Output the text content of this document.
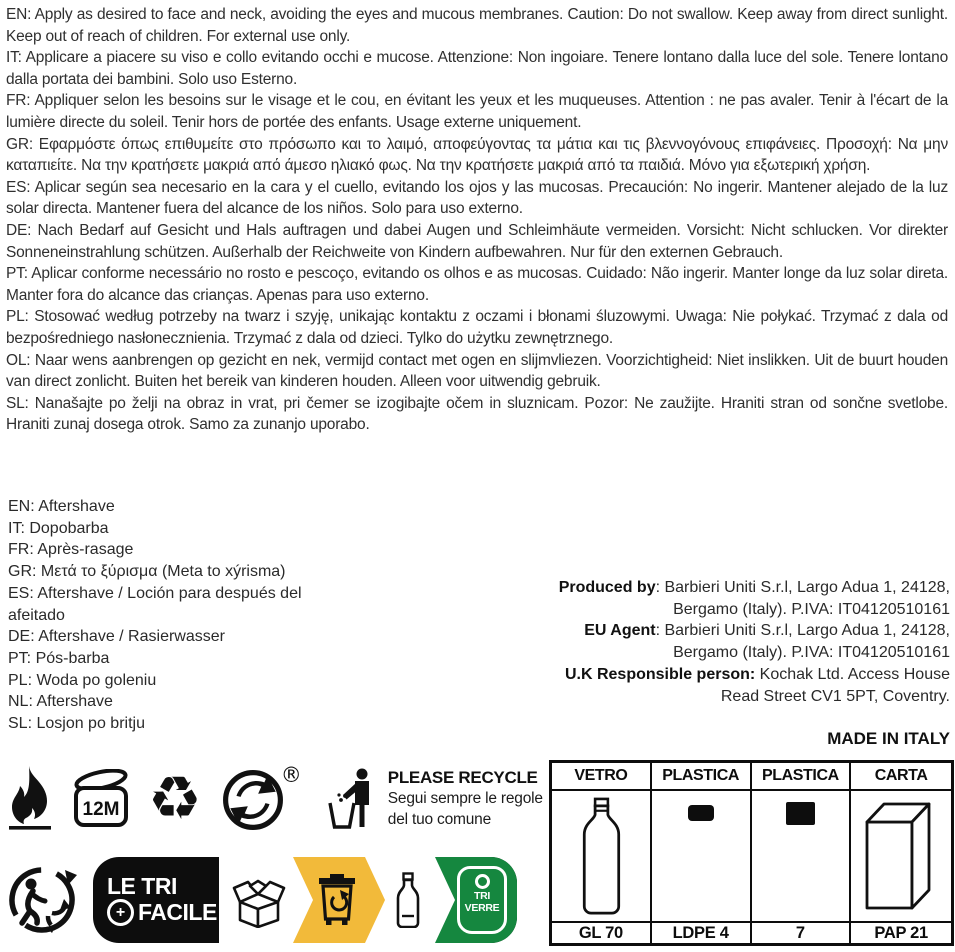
EN: Apply as desired to face and neck, avoiding the eyes and mucous membranes. Caution: Do not swallow. Keep away from direct sunlight. Keep out of reach of children. For external use only.
IT: Applicare a piacere su viso e collo evitando occhi e mucose. Attenzione: Non ingoiare. Tenere lontano dalla luce del sole. Tenere lontano dalla portata dei bambini. Solo uso Esterno.
FR: Appliquer selon les besoins sur le visage et le cou, en évitant les yeux et les muqueuses. Attention : ne pas avaler. Tenir à l'écart de la lumière directe du soleil. Tenir hors de portée des enfants. Usage externe uniquement.
GR: Εφαρμόστε όπως επιθυμείτε στο πρόσωπο και το λαιμό, αποφεύγοντας τα μάτια και τις βλεννογόνους επιφάνειες. Προσοχή: Να μην καταπιείτε. Να την κρατήσετε μακριά από άμεσο ηλιακό φως. Να την κρατήσετε μακριά από τα παιδιά. Μόνο για εξωτερική χρήση.
ES: Aplicar según sea necesario en la cara y el cuello, evitando los ojos y las mucosas. Precaución: No ingerir. Mantener alejado de la luz solar directa. Mantener fuera del alcance de los niños. Solo para uso externo.
DE: Nach Bedarf auf Gesicht und Hals auftragen und dabei Augen und Schleimhäute vermeiden. Vorsicht: Nicht schlucken. Vor direkter Sonneneinstrahlung schützen. Außerhalb der Reichweite von Kindern aufbewahren. Nur für den externen Gebrauch.
PT: Aplicar conforme necessário no rosto e pescoço, evitando os olhos e as mucosas. Cuidado: Não ingerir. Manter longe da luz solar direta. Manter fora do alcance das crianças. Apenas para uso externo.
PL: Stosować według potrzeby na twarz i szyję, unikając kontaktu z oczami i błonami śluzowymi. Uwaga: Nie połykać. Trzymać z dala od bezpośredniego nasłonecznienia. Trzymać z dala od dzieci. Tylko do użytku zewnętrznego.
OL: Naar wens aanbrengen op gezicht en nek, vermijd contact met ogen en slijmvliezen. Voorzichtigheid: Niet inslikken. Uit de buurt houden van direct zonlicht. Buiten het bereik van kinderen houden. Alleen voor uitwendig gebruik.
SL: Nanašajte po želji na obraz in vrat, pri čemer se izogibajte očem in sluznicam. Pozor: Ne zaužijte. Hraniti stran od sončne svetlobe. Hraniti zunaj dosega otrok. Samo za zunanjo uporabo.
EN: Aftershave
IT: Dopobarba
FR: Après-rasage
GR: Μετά το ξύρισμα (Meta to xýrisma)
ES: Aftershave / Loción para después del afeitado
DE: Aftershave / Rasierwasser
PT: Pós-barba
PL: Woda po goleniu
NL: Aftershave
SL: Losjon po britju
Produced by: Barbieri Uniti S.r.l, Largo Adua 1, 24128,
Bergamo (Italy). P.IVA: IT04120510161
EU Agent: Barbieri Uniti S.r.l, Largo Adua 1, 24128,
Bergamo (Italy). P.IVA: IT04120510161
U.K Responsible person: Kochak Ltd. Access House
Read Street CV1 5PT, Coventry.
MADE IN ITALY
12M ♻	®	PLEASE RECYCLE
Segui sempre le regole
del tuo comune
LE TRI
+ FACILE
TRI
VERRE
VETRO	PLASTICA	PLASTICA	CARTA
GL 70	LDPE 4	7	PAP 21
